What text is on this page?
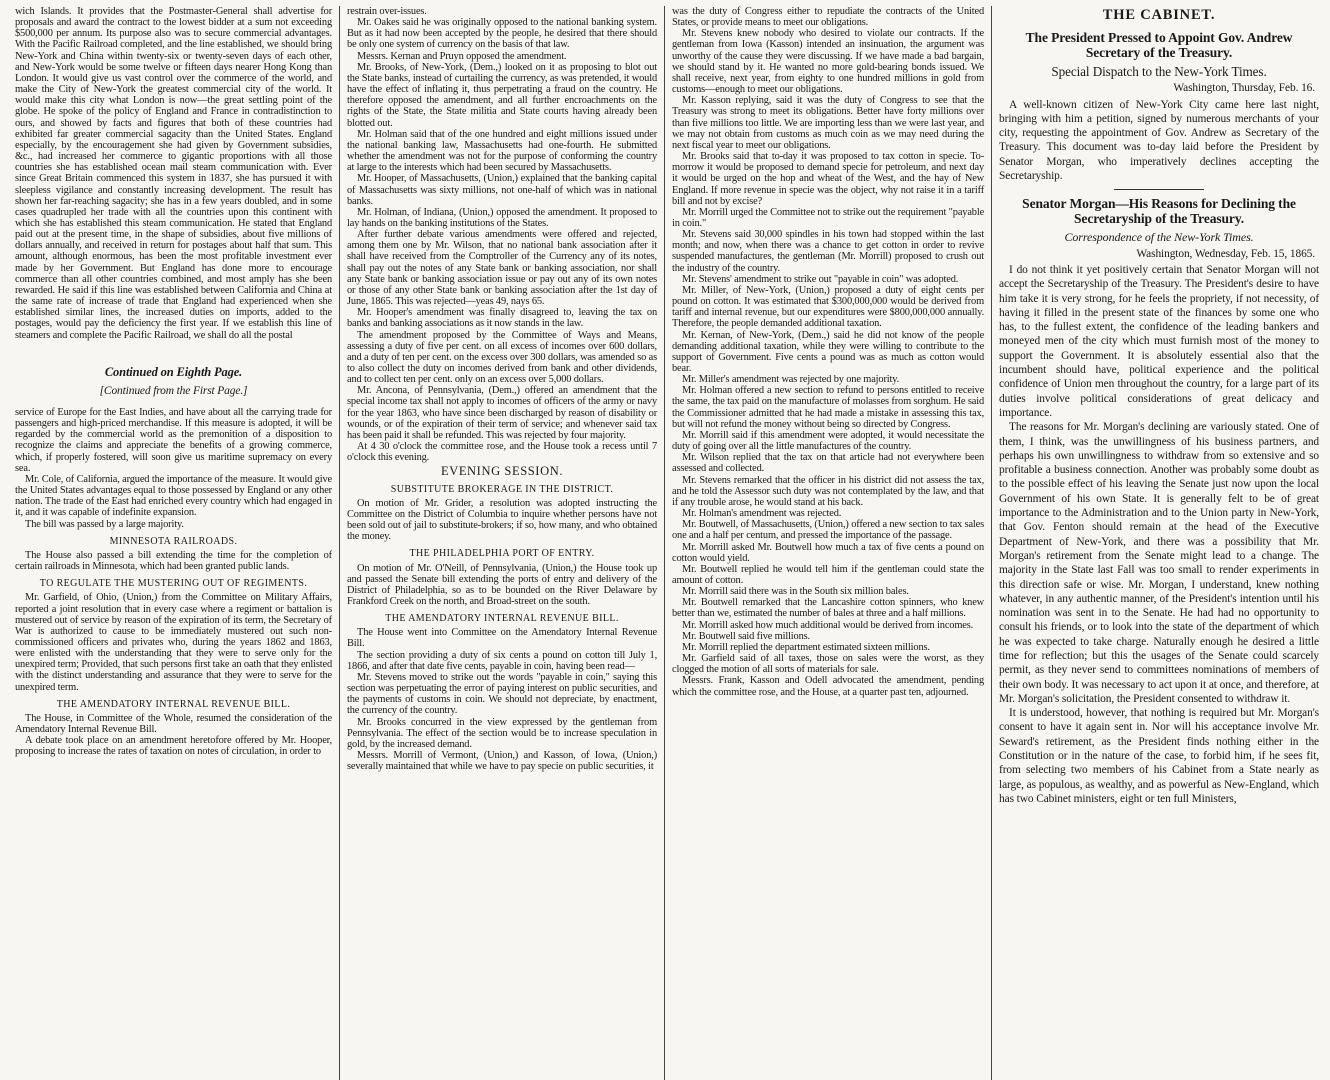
wich Islands. It provides that the Postmaster-General shall advertise for proposals and award the contract to the lowest bidder at a sum not exceeding $500,000 per annum. Its purpose also was to secure commercial advantages. With the Pacific Railroad completed, and the line established, we should bring New-York and China within twenty-six or twenty-seven days of each other, and New-York would be some twelve or fifteen days nearer Hong Kong than London. It would give us vast control over the commerce of the world, and make the City of New-York the greatest commercial city of the world. It would make this city what London is now—the great settling point of the globe. He spoke of the policy of England and France in contradistinction to ours, and showed by facts and figures that both of these countries had exhibited far greater commercial sagacity than the United States. England especially, by the encouragement she had given by Government subsidies, &c., had increased her commerce to gigantic proportions with all those countries she has established ocean mail steam communication with. Ever since Great Britain commenced this system in 1837, she has pursued it with sleepless vigilance and constantly increasing development. The result has shown her far-reaching sagacity; she has in a few years doubled, and in some cases quadrupled her trade with all the countries upon this continent with which she has established this steam communication. He stated that England paid out at the present time, in the shape of subsidies, about five millions of dollars annually, and received in return for postages about half that sum. This amount, although enormous, has been the most profitable investment ever made by her Government. But England has done more to encourage commerce than all other countries combined, and most amply has she been rewarded. He said if this line was established between California and China at the same rate of increase of trade that England had experienced when she established similar lines, the increased duties on imports, added to the postages, would pay the deficiency the first year. If we establish this line of steamers and complete the Pacific Railroad, we shall do all the postal

Continued on Eighth Page.

[Continued from the First Page.]

service of Europe for the East Indies, and have about all the carrying trade for passengers and high-priced merchandise. If this measure is adopted, it will be regarded by the commercial world as the premonition of a disposition to recognize the claims and appreciate the benefits of a growing commerce, which, if properly fostered, will soon give us maritime supremacy on every sea.

Mr. Cole, of California, argued the importance of the measure. It would give the United States advantages equal to those possessed by England or any other nation. The trade of the East had enriched every country which had engaged in it, and it was capable of indefinite expansion.

The bill was passed by a large majority.

MINNESOTA RAILROADS.

The House also passed a bill extending the time for the completion of certain railroads in Minnesota, which had been granted public lands.

TO REGULATE THE MUSTERING OUT OF REGIMENTS.

Mr. Garfield, of Ohio, (Union,) from the Committee on Military Affairs, reported a joint resolution that in every case where a regiment or battalion is mustered out of service by reason of the expiration of its term, the Secretary of War is authorized to cause to be immediately mustered out such non-commissioned officers and privates who, during the years 1862 and 1863, were enlisted with the understanding that they were to serve only for the unexpired term; Provided, that such persons first take an oath that they enlisted with the distinct understanding and assurance that they were to serve for the unexpired term.

THE AMENDATORY INTERNAL REVENUE BILL.

The House, in Committee of the Whole, resumed the consideration of the Amendatory Internal Revenue Bill.

A debate took place on an amendment heretofore offered by Mr. Hooper, proposing to increase the rates of taxation on notes of circulation, in order to

restrain over-issues.

Mr. Oakes said he was originally opposed to the national banking system. But as it had now been accepted by the people, he desired that there should be only one system of currency on the basis of that law.

Messrs. Kernan and Pruyn opposed the amendment.

Mr. Brooks, of New-York, (Dem.,) looked on it as proposing to blot out the State banks, instead of curtailing the currency, as was pretended, it would have the effect of inflating it, thus perpetrating a fraud on the country. He therefore opposed the amendment, and all further encroachments on the rights of the State, the State militia and State courts having already been blotted out.

Mr. Holman said that of the one hundred and eight millions issued under the national banking law, Massachusetts had one-fourth. He submitted whether the amendment was not for the purpose of conforming the country at large to the interests which had been secured by Massachusetts.

Mr. Hooper, of Massachusetts, (Union,) explained that the banking capital of Massachusetts was sixty millions, not one-half of which was in national banks.

Mr. Holman, of Indiana, (Union,) opposed the amendment. It proposed to lay hands on the banking institutions of the States.

After further debate various amendments were offered and rejected, among them one by Mr. Wilson, that no national bank association after it shall have received from the Comptroller of the Currency any of its notes, shall pay out the notes of any State bank or banking association, nor shall any State bank or banking association issue or pay out any of its own notes or those of any other State bank or banking association after the 1st day of June, 1865. This was rejected—yeas 49, nays 65.

Mr. Hooper's amendment was finally disagreed to, leaving the tax on banks and banking associations as it now stands in the law.

The amendment proposed by the Committee of Ways and Means, assessing a duty of five per cent. on all excess of incomes over 600 dollars, and a duty of ten per cent. on the excess over 300 dollars, was amended so as to also collect the duty on incomes derived from bank and other dividends, and to collect ten per cent. only on an excess over 5,000 dollars.

Mr. Ancona, of Pennsylvania, (Dem.,) offered an amendment that the special income tax shall not apply to incomes of officers of the army or navy for the year 1863, who have since been discharged by reason of disability or wounds, or of the expiration of their term of service; and whenever said tax has been paid it shall be refunded. This was rejected by four majority.

At 4 30 o'clock the committee rose, and the House took a recess until 7 o'clock this evening.

EVENING SESSION.

SUBSTITUTE BROKERAGE IN THE DISTRICT.

On motion of Mr. Grider, a resolution was adopted instructing the Committee on the District of Columbia to inquire whether persons have not been sold out of jail to substitute-brokers; if so, how many, and who obtained the money.

THE PHILADELPHIA PORT OF ENTRY.

On motion of Mr. O'Neill, of Pennsylvania, (Union,) the House took up and passed the Senate bill extending the ports of entry and delivery of the District of Philadelphia, so as to be bounded on the River Delaware by Frankford Creek on the north, and Broad-street on the south.

THE AMENDATORY INTERNAL REVENUE BILL.

The House went into Committee on the Amendatory Internal Revenue Bill.

The section providing a duty of six cents a pound on cotton till July 1, 1866, and after that date five cents, payable in coin, having been read—

Mr. Stevens moved to strike out the words "payable in coin," saying this section was perpetuating the error of paying interest on public securities, and the payments of customs in coin. We should not depreciate, by enactment, the currency of the country.

Mr. Brooks concurred in the view expressed by the gentleman from Pennsylvania. The effect of the section would be to increase speculation in gold, by the increased demand.

Messrs. Morrill of Vermont, (Union,) and Kasson, of Iowa, (Union,) severally maintained that while we have to pay specie on public securities, it

was the duty of Congress either to repudiate the contracts of the United States, or provide means to meet our obligations.

Mr. Stevens knew nobody who desired to violate our contracts. If the gentleman from Iowa (Kasson) intended an insinuation, the argument was unworthy of the cause they were discussing. If we have made a bad bargain, we should stand by it. He wanted no more gold-bearing bonds issued. We shall receive, next year, from eighty to one hundred millions in gold from customs—enough to meet our obligations.

Mr. Kasson replying, said it was the duty of Congress to see that the Treasury was strong to meet its obligations. Better have forty millions over than five millions too little. We are importing less than we were last year, and we may not obtain from customs as much coin as we may need during the next fiscal year to meet our obligations.

Mr. Brooks said that to-day it was proposed to tax cotton in specie. To-morrow it would be proposed to demand specie for petroleum, and next day it would be urged on the hop and wheat of the West, and the hay of New England. If more revenue in specie was the object, why not raise it in a tariff bill and not by excise?

Mr. Morrill urged the Committee not to strike out the requirement "payable in coin."

Mr. Stevens said 30,000 spindles in his town had stopped within the last month; and now, when there was a chance to get cotton in order to revive suspended manufactures, the gentleman (Mr. Morrill) proposed to crush out the industry of the country.

Mr. Stevens' amendment to strike out "payable in coin" was adopted.

Mr. Miller, of New-York, (Union,) proposed a duty of eight cents per pound on cotton. It was estimated that $300,000,000 would be derived from tariff and internal revenue, but our expenditures were $800,000,000 annually. Therefore, the people demanded additional taxation.

Mr. Kernan, of New-York, (Dem.,) said he did not know of the people demanding additional taxation, while they were willing to contribute to the support of Government. Five cents a pound was as much as cotton would bear.

Mr. Miller's amendment was rejected by one majority.

Mr. Holman offered a new section to refund to persons entitled to receive the same, the tax paid on the manufacture of molasses from sorghum. He said the Commissioner admitted that he had made a mistake in assessing this tax, but will not refund the money without being so directed by Congress.

Mr. Morrill said if this amendment were adopted, it would necessitate the duty of going over all the little manufactures of the country.

Mr. Wilson replied that the tax on that article had not everywhere been assessed and collected.

Mr. Stevens remarked that the officer in his district did not assess the tax, and he told the Assessor such duty was not contemplated by the law, and that if any trouble arose, he would stand at his back.

Mr. Holman's amendment was rejected.

Mr. Boutwell, of Massachusetts, (Union,) offered a new section to tax sales one and a half per centum, and pressed the importance of the passage.

Mr. Morrill asked Mr. Boutwell how much a tax of five cents a pound on cotton would yield.

Mr. Boutwell replied he would tell him if the gentleman could state the amount of cotton.

Mr. Morrill said there was in the South six million bales.

Mr. Boutwell remarked that the Lancashire cotton spinners, who knew better than we, estimated the number of bales at three and a half millions.

Mr. Morrill asked how much additional would be derived from incomes.

Mr. Boutwell said five millions.

Mr. Morrill replied the department estimated sixteen millions.

Mr. Garfield said of all taxes, those on sales were the worst, as they clogged the motion of all sorts of materials for sale.

Messrs. Frank, Kasson and Odell advocated the amendment, pending which the committee rose, and the House, at a quarter past ten, adjourned.

THE CABINET.

The President Pressed to Appoint Gov. Andrew Secretary of the Treasury.

Special Dispatch to the New-York Times.

Washington, Thursday, Feb. 16.

A well-known citizen of New-York City came here last night, bringing with him a petition, signed by numerous merchants of your city, requesting the appointment of Gov. Andrew as Secretary of the Treasury. This document was to-day laid before the President by Senator Morgan, who imperatively declines accepting the Secretaryship.

Senator Morgan—His Reasons for Declining the Secretaryship of the Treasury.

Correspondence of the New-York Times.

Washington, Wednesday, Feb. 15, 1865.

I do not think it yet positively certain that Senator Morgan will not accept the Secretaryship of the Treasury. The President's desire to have him take it is very strong, for he feels the propriety, if not necessity, of having it filled in the present state of the finances by some one who has, to the fullest extent, the confidence of the leading bankers and moneyed men of the city which must furnish most of the money to support the Government. It is absolutely essential also that the incumbent should have, political experience and the political confidence of Union men throughout the country, for a large part of its duties involve political considerations of great delicacy and importance.

The reasons for Mr. Morgan's declining are variously stated. One of them, I think, was the unwillingness of his business partners, and perhaps his own unwillingness to withdraw from so extensive and so profitable a business connection. Another was probably some doubt as to the possible effect of his leaving the Senate just now upon the local Government of his own State. It is generally felt to be of great importance to the Administration and to the Union party in New-York, that Gov. Fenton should remain at the head of the Executive Department of New-York, and there was a possibility that Mr. Morgan's retirement from the Senate might lead to a change. The majority in the State last Fall was too small to render experiments in this direction safe or wise. Mr. Morgan, I understand, knew nothing whatever, in any authentic manner, of the President's intention until his nomination was sent in to the Senate. He had had no opportunity to consult his friends, or to look into the state of the department of which he was expected to take charge. Naturally enough he desired a little time for reflection; but this the usages of the Senate could scarcely permit, as they never send to committees nominations of members of their own body. It was necessary to act upon it at once, and therefore, at Mr. Morgan's solicitation, the President consented to withdraw it.

It is understood, however, that nothing is required but Mr. Morgan's consent to have it again sent in. Nor will his acceptance involve Mr. Seward's retirement, as the President finds nothing either in the Constitution or in the nature of the case, to forbid him, if he sees fit, from selecting two members of his Cabinet from a State nearly as large, as populous, as wealthy, and as powerful as New-England, which has two Cabinet ministers, eight or ten full Ministers,
